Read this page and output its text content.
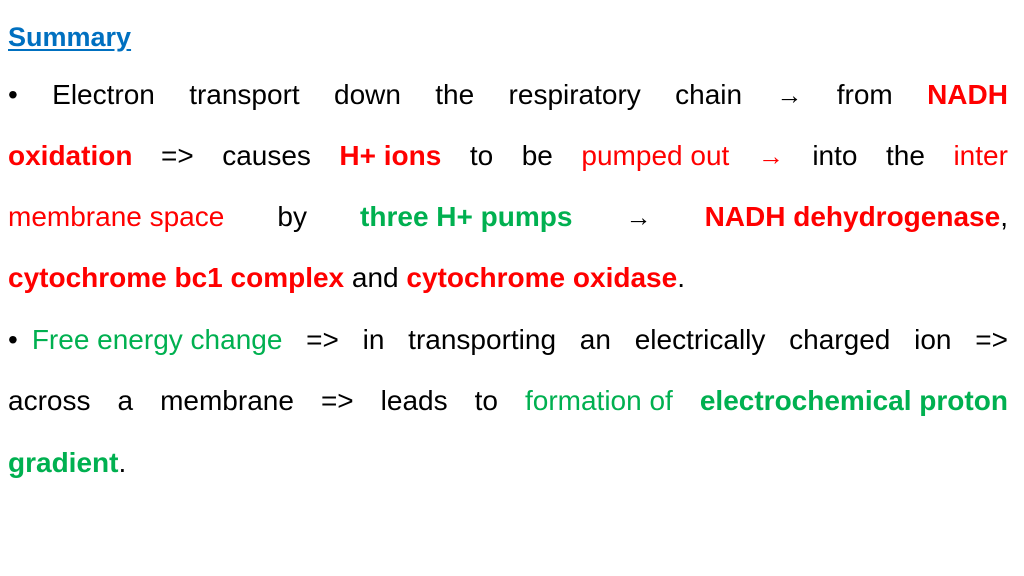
Summary
• Electron transport down the respiratory chain → from NADH
oxidation => causes H+ ions to be pumped out → into the inter
membrane space by three H+ pumps → NADH dehydrogenase,
cytochrome bc1 complex and cytochrome oxidase.
• Free energy change => in transporting an electrically charged ion =>
across a membrane => leads to formation of electrochemical proton
gradient.
